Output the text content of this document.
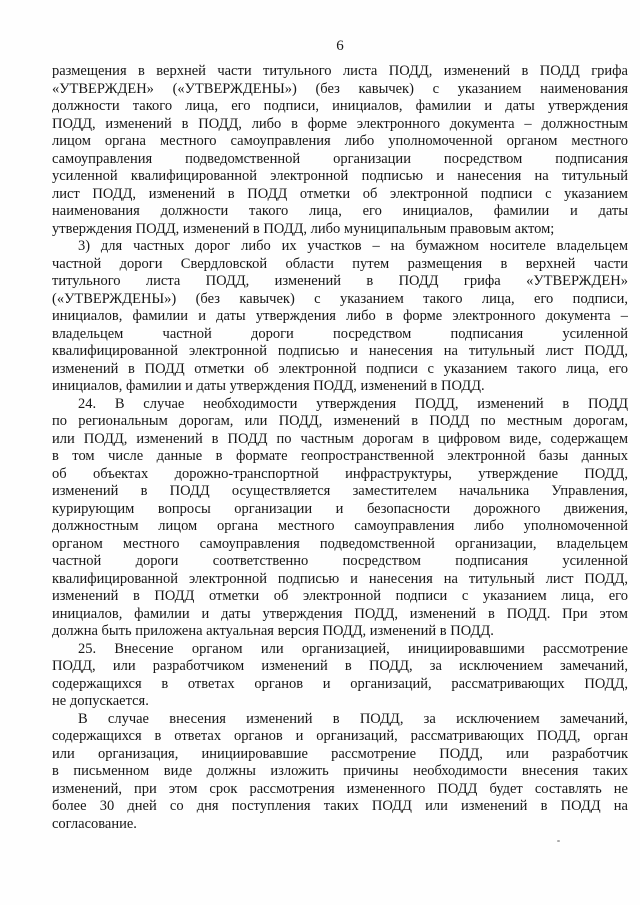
6
размещения в верхней части титульного листа ПОДД, изменений в ПОДД грифа
«УТВЕРЖДЕН» («УТВЕРЖДЕНЫ») (без кавычек) с указанием наименования
должности такого лица, его подписи, инициалов, фамилии и даты утверждения
ПОДД, изменений в ПОДД, либо в форме электронного документа – должностным
лицом органа местного самоуправления либо уполномоченной органом местного
самоуправления подведомственной организации посредством подписания
усиленной квалифицированной электронной подписью и нанесения на титульный
лист ПОДД, изменений в ПОДД отметки об электронной подписи с указанием
наименования должности такого лица, его инициалов, фамилии и даты
утверждения ПОДД, изменений в ПОДД, либо муниципальным правовым актом;
3) для частных дорог либо их участков – на бумажном носителе владельцем
частной дороги Свердловской области путем размещения в верхней части
титульного листа ПОДД, изменений в ПОДД грифа «УТВЕРЖДЕН»
(«УТВЕРЖДЕНЫ») (без кавычек) с указанием такого лица, его подписи,
инициалов, фамилии и даты утверждения либо в форме электронного документа –
владельцем частной дороги посредством подписания усиленной
квалифицированной электронной подписью и нанесения на титульный лист ПОДД,
изменений в ПОДД отметки об электронной подписи с указанием такого лица, его
инициалов, фамилии и даты утверждения ПОДД, изменений в ПОДД.
24. В случае необходимости утверждения ПОДД, изменений в ПОДД
по региональным дорогам, или ПОДД, изменений в ПОДД по местным дорогам,
или ПОДД, изменений в ПОДД по частным дорогам в цифровом виде, содержащем
в том числе данные в формате геопространственной электронной базы данных
об объектах дорожно-транспортной инфраструктуры, утверждение ПОДД,
изменений в ПОДД осуществляется заместителем начальника Управления,
курирующим вопросы организации и безопасности дорожного движения,
должностным лицом органа местного самоуправления либо уполномоченной
органом местного самоуправления подведомственной организации, владельцем
частной дороги соответственно посредством подписания усиленной
квалифицированной электронной подписью и нанесения на титульный лист ПОДД,
изменений в ПОДД отметки об электронной подписи с указанием лица, его
инициалов, фамилии и даты утверждения ПОДД, изменений в ПОДД. При этом
должна быть приложена актуальная версия ПОДД, изменений в ПОДД.
25. Внесение органом или организацией, инициировавшими рассмотрение
ПОДД, или разработчиком изменений в ПОДД, за исключением замечаний,
содержащихся в ответах органов и организаций, рассматривающих ПОДД,
не допускается.
В случае внесения изменений в ПОДД, за исключением замечаний,
содержащихся в ответах органов и организаций, рассматривающих ПОДД, орган
или организация, инициировавшие рассмотрение ПОДД, или разработчик
в письменном виде должны изложить причины необходимости внесения таких
изменений, при этом срок рассмотрения измененного ПОДД будет составлять не
более 30 дней со дня поступления таких ПОДД или изменений в ПОДД на
согласование.
